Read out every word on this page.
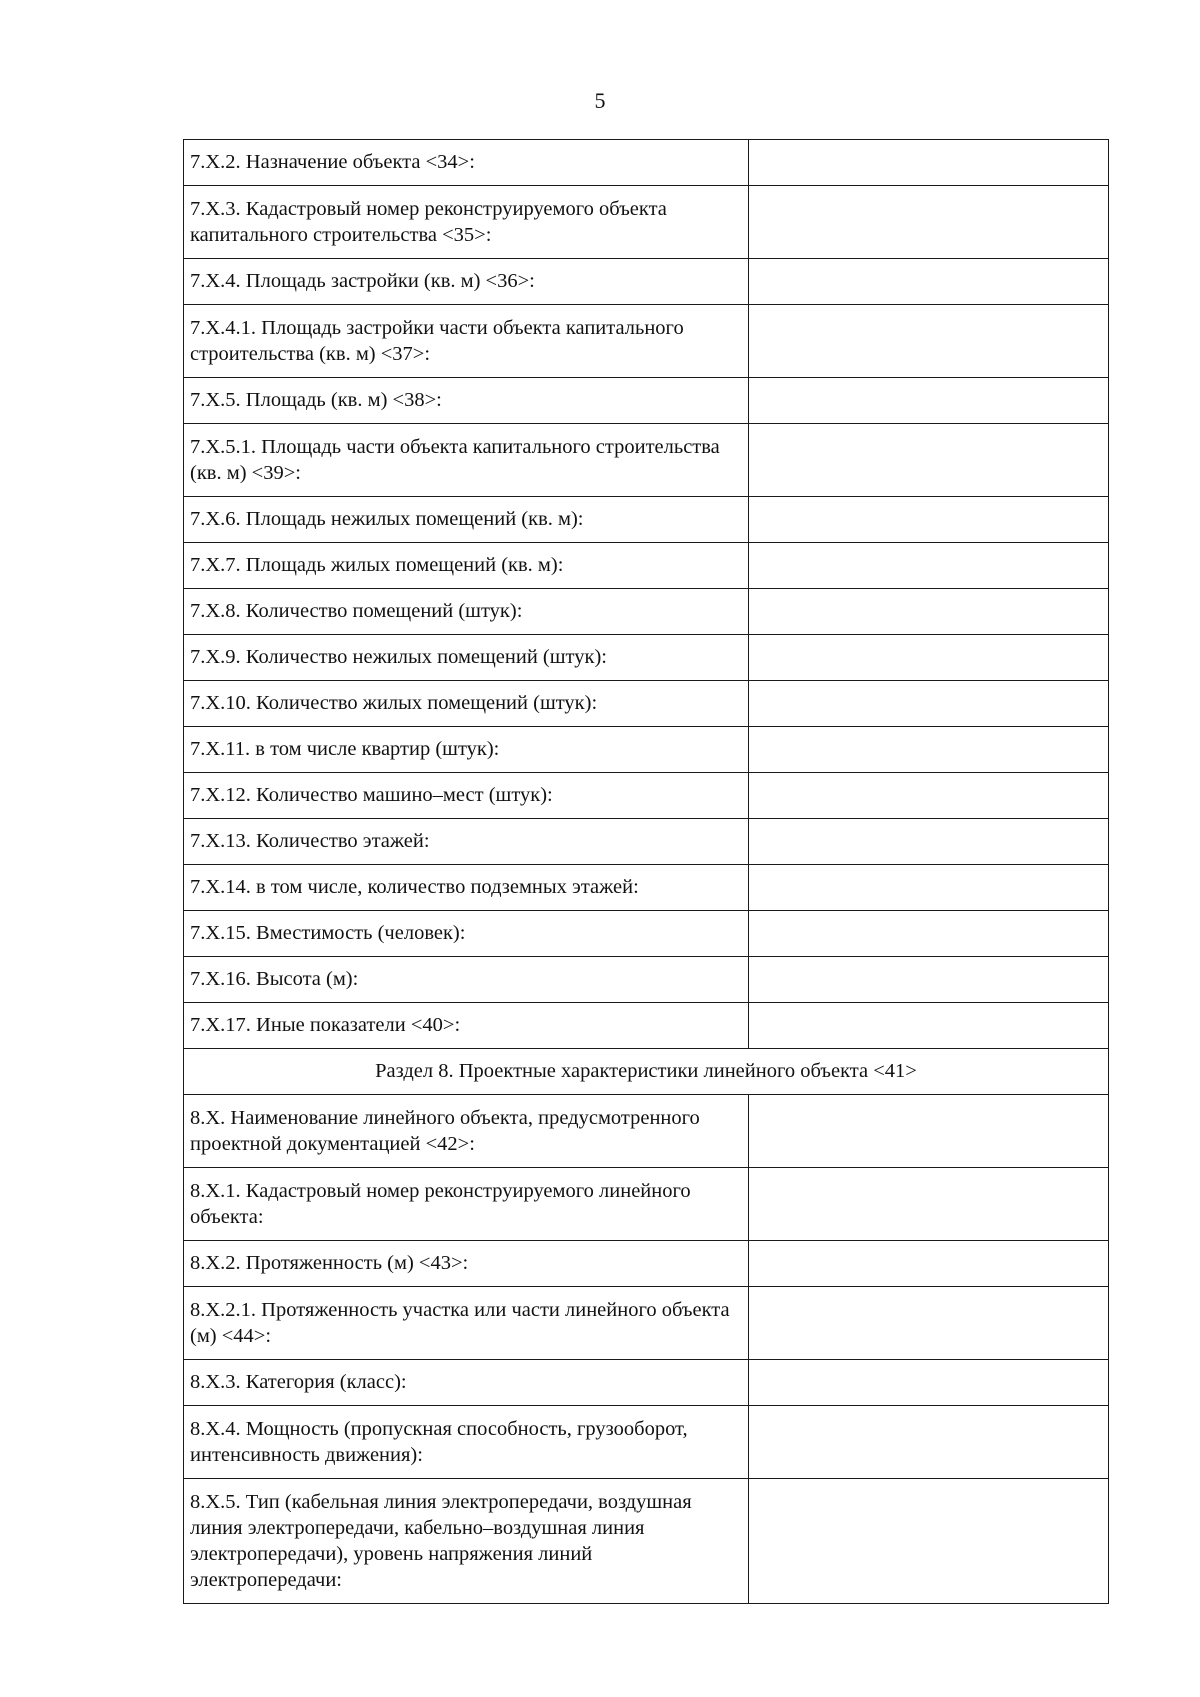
5
7.Х.2. Назначение объекта <34>:	
7.Х.3. Кадастровый номер реконструируемого объекта капитального строительства <35>:	
7.Х.4. Площадь застройки (кв. м) <36>:	
7.Х.4.1. Площадь застройки части объекта капитального строительства (кв. м) <37>:	
7.Х.5. Площадь (кв. м) <38>:	
7.Х.5.1. Площадь части объекта капитального строительства (кв. м) <39>:	
7.Х.6. Площадь нежилых помещений (кв. м):	
7.Х.7. Площадь жилых помещений (кв. м):	
7.Х.8. Количество помещений (штук):	
7.Х.9. Количество нежилых помещений (штук):	
7.Х.10. Количество жилых помещений (штук):	
7.Х.11. в том числе квартир (штук):	
7.Х.12. Количество машино–мест (штук):	
7.Х.13. Количество этажей:	
7.Х.14. в том числе, количество подземных этажей:	
7.Х.15. Вместимость (человек):	
7.Х.16. Высота (м):	
7.Х.17. Иные показатели <40>:	
Раздел 8. Проектные характеристики линейного объекта <41>	
8.Х. Наименование линейного объекта, предусмотренного проектной документацией <42>:	
8.Х.1. Кадастровый номер реконструируемого линейного объекта:	
8.Х.2. Протяженность (м) <43>:	
8.Х.2.1. Протяженность участка или части линейного объекта (м) <44>:	
8.Х.3. Категория (класс):	
8.Х.4. Мощность (пропускная способность, грузооборот, интенсивность движения):	
8.Х.5. Тип (кабельная линия электропередачи, воздушная линия электропередачи, кабельно–воздушная линия электропередачи), уровень напряжения линий электропередачи:	
